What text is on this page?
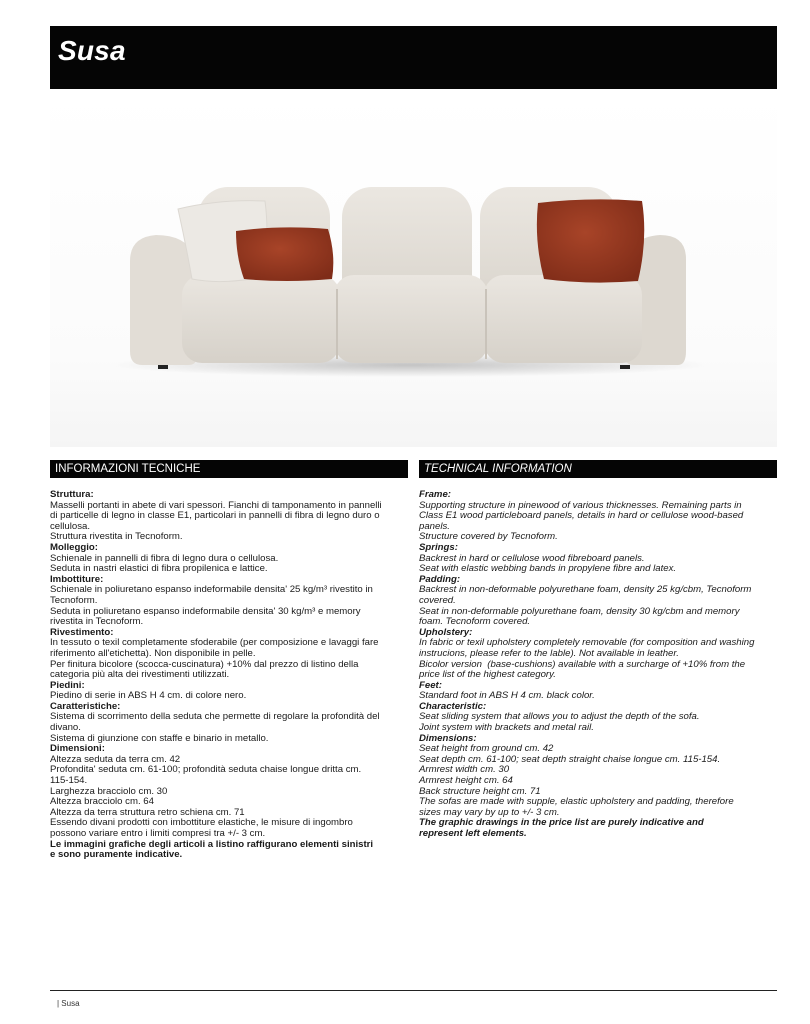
Susa
INFORMAZIONI TECNICHE
Struttura:
Masselli portanti in abete di vari spessori. Fianchi di tamponamento in pannelli
di particelle di legno in classe E1, particolari in pannelli di fibra di legno duro o
cellulosa.
Struttura rivestita in Tecnoform.
Molleggio:
Schienale in pannelli di fibra di legno dura o cellulosa.
Seduta in nastri elastici di fibra propilenica e lattice.
Imbottiture:
Schienale in poliuretano espanso indeformabile densita' 25 kg/m³ rivestito in
Tecnoform.
Seduta in poliuretano espanso indeformabile densita' 30 kg/m³ e memory
rivestita in Tecnoform.
Rivestimento:
In tessuto o texil completamente sfoderabile (per composizione e lavaggi fare
riferimento all'etichetta). Non disponibile in pelle.
Per finitura bicolore (scocca-cuscinatura) +10% dal prezzo di listino della
categoria più alta dei rivestimenti utilizzati.
Piedini:
Piedino di serie in ABS H 4 cm. di colore nero.
Caratteristiche:
Sistema di scorrimento della seduta che permette di regolare la profondità del
divano.
Sistema di giunzione con staffe e binario in metallo.
Dimensioni:
Altezza seduta da terra cm. 42
Profondita' seduta cm. 61-100; profondità seduta chaise longue dritta cm.
115-154.
Larghezza bracciolo cm. 30
Altezza bracciolo cm. 64
Altezza da terra struttura retro schiena cm. 71
Essendo divani prodotti con imbottiture elastiche, le misure di ingombro
possono variare entro i limiti compresi tra +/- 3 cm.
Le immagini grafiche degli articoli a listino raffigurano elementi sinistri
e sono puramente indicative.
TECHNICAL INFORMATION
Frame:
Supporting structure in pinewood of various thicknesses. Remaining parts in
Class E1 wood particleboard panels, details in hard or cellulose wood-based
panels.
Structure covered by Tecnoform.
Springs:
Backrest in hard or cellulose wood fibreboard panels.
Seat with elastic webbing bands in propylene fibre and latex.
Padding:
Backrest in non-deformable polyurethane foam, density 25 kg/cbm, Tecnoform
covered.
Seat in non-deformable polyurethane foam, density 30 kg/cbm and memory
foam. Tecnoform covered.
Upholstery:
In fabric or texil upholstery completely removable (for composition and washing
instrucions, please refer to the lable). Not available in leather.
Bicolor version  (base-cushions) available with a surcharge of +10% from the
price list of the highest category.
Feet:
Standard foot in ABS H 4 cm. black color.
Characteristic:
Seat sliding system that allows you to adjust the depth of the sofa.
Joint system with brackets and metal rail.
Dimensions:
Seat height from ground cm. 42
Seat depth cm. 61-100; seat depth straight chaise longue cm. 115-154.
Armrest width cm. 30
Armrest height cm. 64
Back structure height cm. 71
The sofas are made with supple, elastic upholstery and padding, therefore
sizes may vary by up to +/- 3 cm.
The graphic drawings in the price list are purely indicative and
represent left elements.
| Susa
